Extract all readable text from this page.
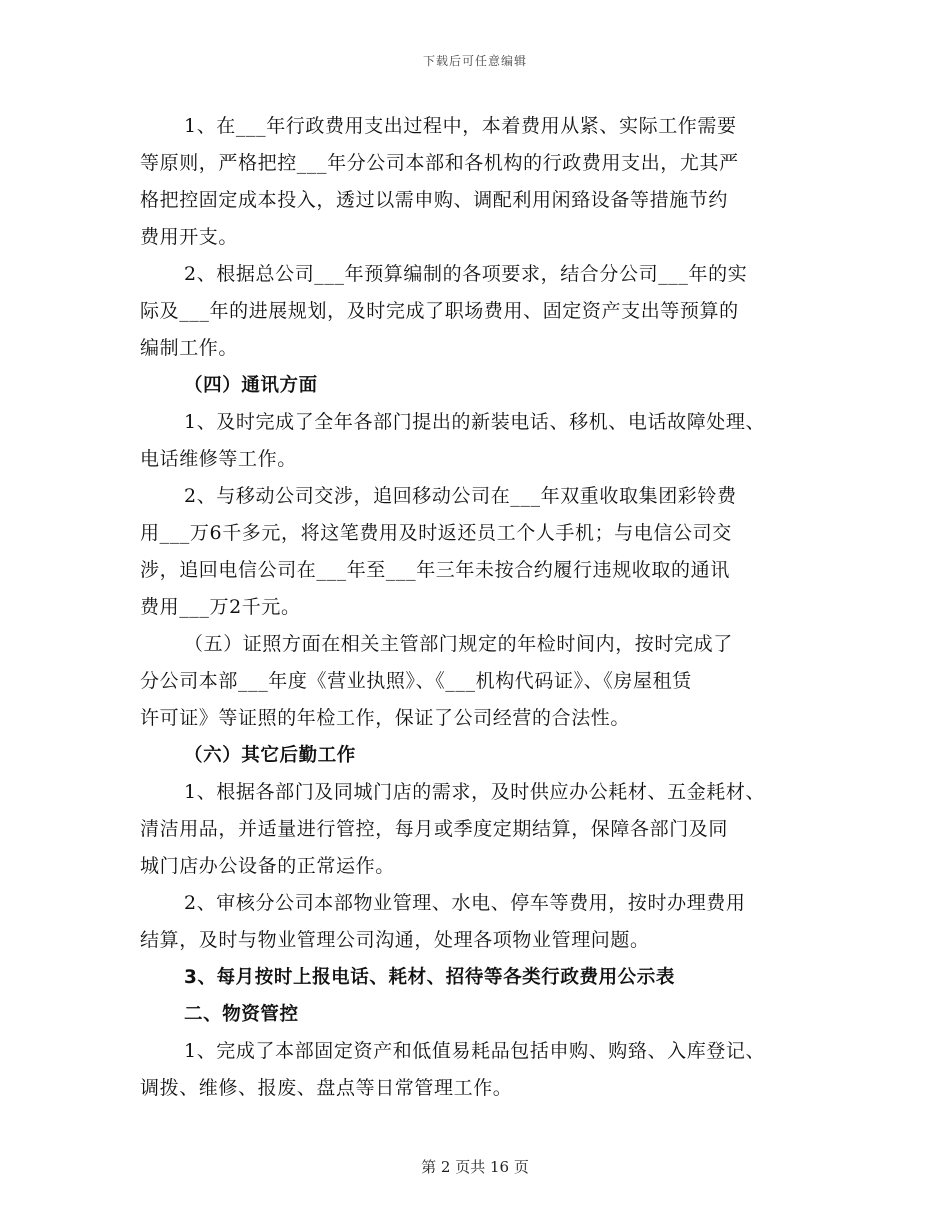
下载后可任意编辑
1、在___年行政费用支出过程中，本着费用从紧、实际工作需要
等原则，严格把控___年分公司本部和各机构的行政费用支出，尤其严
格把控固定成本投入，透过以需申购、调配利用闲臵设备等措施节约
费用开支。
2、根据总公司___年预算编制的各项要求，结合分公司___年的实
际及___年的进展规划，及时完成了职场费用、固定资产支出等预算的
编制工作。
（四）通讯方面
1、及时完成了全年各部门提出的新装电话、移机、电话故障处理、
电话维修等工作。
2、与移动公司交涉，追回移动公司在___年双重收取集团彩铃费
用___万6千多元，将这笔费用及时返还员工个人手机；与电信公司交
涉，追回电信公司在___年至___年三年未按合约履行违规收取的通讯
费用___万2千元。
（五）证照方面在相关主管部门规定的年检时间内，按时完成了
分公司本部___年度《营业执照》、《___机构代码证》、《房屋租赁
许可证》等证照的年检工作，保证了公司经营的合法性。
（六）其它后勤工作
1、根据各部门及同城门店的需求，及时供应办公耗材、五金耗材、
清洁用品，并适量进行管控，每月或季度定期结算，保障各部门及同
城门店办公设备的正常运作。
2、审核分公司本部物业管理、水电、停车等费用，按时办理费用
结算，及时与物业管理公司沟通，处理各项物业管理问题。
3、每月按时上报电话、耗材、招待等各类行政费用公示表
二、物资管控
1、完成了本部固定资产和低值易耗品包括申购、购臵、入库登记、
调拨、维修、报废、盘点等日常管理工作。
第 2 页共 16 页
